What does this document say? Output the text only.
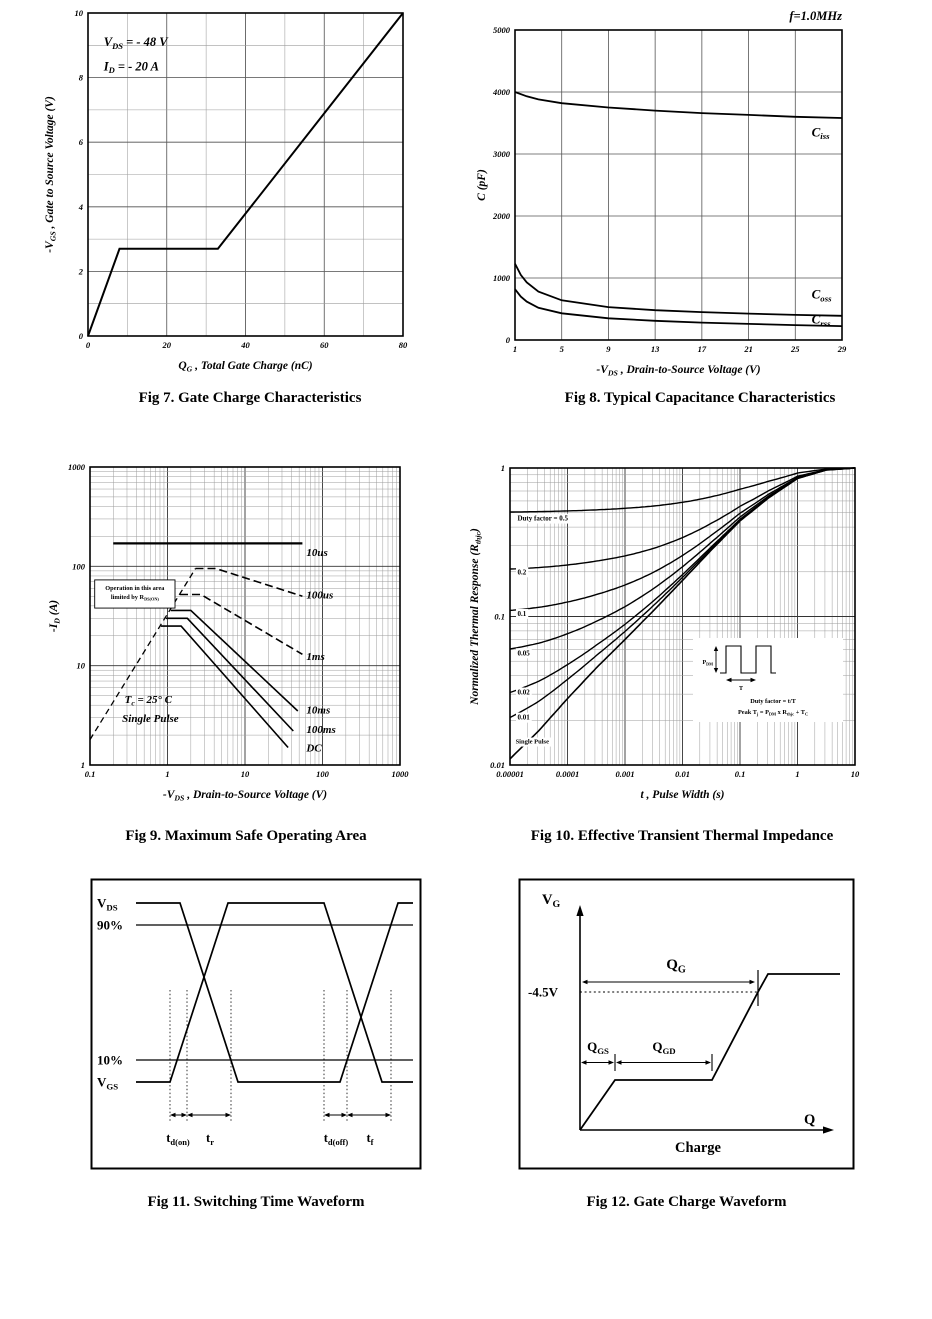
$V_{DS}$ = - 48 V
$I_D$ = - 20 A
0	20	40	60	80
0
2
4
6
8
10
$Q_G$ , Total Gate Charge (nC)
$-V_{GS}$ , Gate to Source Voltage (V)
Fig 7. Gate Charge Characteristics
$C_{iss}$
$C_{oss}$
$C_{rss}$
f=1.0MHz
1	5	9	13	17	21	25	29
0
1000
2000
3000
4000
5000
$-V_{DS}$ , Drain-to-Source Voltage (V)
C (pF)
Fig 8. Typical Capacitance Characteristics
10us
100us
1ms
10ms
100ms
DC
Operation in this area
limited by $R_{DS(ON)}$
$T_c = 25^\circ$ C
Single Pulse
0.1	1	10	100	1000
1
10
100
1000
$-V_{DS}$ , Drain-to-Source Voltage (V)
$-I_D$ (A)
Fig 9. Maximum Safe Operating Area
$P_{DM}$
T
Duty factor = t/T
Peak $T_j = P_{DM}$ x $R_{thjc} + T_C$
Duty factor = 0.5
0.2
0.1
0.05
0.02
0.01
Single Pulse
0.00001	0.0001	0.001	0.01	0.1	1	10
0.01
0.1
1
t , Pulse Width (s)
Normalized Thermal Response $(R_{thjc})$
Fig 10. Effective Transient Thermal Impedance
$V_{DS}$
90%
10%
$V_{GS}$
$t_{d(on)}$ $t_r$	$t_{d(off)}$ $t_f$
Fig 11. Switching Time Waveform
$Q_G$
$Q_{GS}$	$Q_{GD}$
-4.5V
$V_G$
Q
Charge
Fig 12. Gate Charge Waveform
